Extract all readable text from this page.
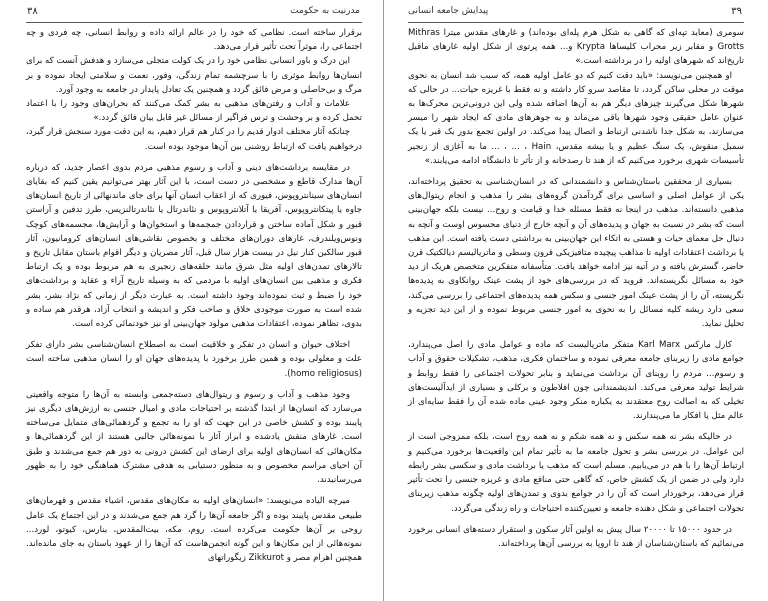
۳۸	مدرنیت به حکومت

برقرار ساخته است. نظامی که خود را در عالم ارائه داده و روابط انسانی، چه فردی و چه اجتماعی را، موثراً تحت تأثیر قرار می‌دهد.

این درک و باور انسانی نظامی خود را در یک کولت متجلی می‌سازد و هدفش آنست که برای انسان‌ها روابط موثری را با سرچشمه تمام زندگی، وفور، نعمت و سلامتی ایجاد نموده و بر مرگ و بی‌حاصلی و مرض فائق گردد و همچنین یک تعادل پایدار در جامعه به وجود آورد.

علامات و آداب و رفتن‌های مذهبی به بشر کمک می‌کنند که بحران‌های وجود را با اعتماد تحمل کرده و بر وحشت و ترس فراگیر از مسائل غیر قابل بیان فائق گردد.»

چنانکه آثار مختلف ادوار قدیم را در کنار هم قرار دهیم، به این دقت مورد سنجش قرار گیرد، درخواهیم یافت که ارتباط روشنی بین آن‌ها موجود بوده است.

در مقایسه برداشت‌های دینی و آداب و رسوم مذهبی مردم بدوی اعصار جدید، که درباره آن‌ها مدارک قاطع و مشخصی در دست است، با این آثار بهتر می‌توانیم یقین کنیم که بقایای انسان‌های سینانتروپوس، فیوری که از اعقاب انسان آنها برای جای ماندنهائی از تاریخ انسان‌های جاوه یا پیتکانتروپوس، آفریقا یا آتلانتروپوس و نئاندرتال یا نئاندرتالنزیس، طرز تدفین و آراستن قبور و شکل آماده ساختن و قراردادن جمجمه‌ها و استخوان‌ها و آرایش‌ها، مجسمه‌های کوچک ونوس‌ویلندرف، غارهای دوران‌های مختلف و بخصوص نقاشی‌های انسان‌های کرومانیون، آثار قبور سالکین کنار نیل در بیست هزار سال قبل، آثار مصریان و دیگر اقوام باستان مقابل تاریخ و تالارهای تمدن‌های اولیه مثل شرق مانند حلقه‌های زنجیری به هم مربوط بوده و یک ارتباط فکری و مذهبی بین انسان‌های اولیه با مردمی که به وسیله تاریخ آراء و عقاید و برداشت‌های خود را ضبط و ثبت نموده‌اند وجود داشته است. به عبارت دیگر از زمانی که نژاد بشر، بشر شده است به صورت موجودی خلاق و صاحب فکر و اندیشه و انتخاب آزاد، هرقدر هم ساده و بدوی، تظاهر نموده، اعتقادات مذهبی مولود جهان‌بینی او نیز خودنمائی کرده است.

اختلاف حیوان و انسان در تفکر و خلاقیت است به اصطلاح انسان‌شناسی بشر دارای تفکر علت و معلولی بوده و همین طرز برخورد با پدیده‌های جهان او را انسان مذهبی ساخته است (homo religiosus).

وجود مذهب و آداب و رسوم و ریتوال‌های دسته‌جمعی وابسته به آن‌ها را متوجه واقعیتی می‌سازد که انسان‌ها از ابتدا گذشته بر احتیاجات مادی و امیال جنسی به ارزش‌های دیگری نیز پایبند بوده و کشش خاصی در این جهت که او را به تجمع و گردهمائی‌های متمایل می‌ساخته است. غارهای منقش یادشده و ابراز آثار با نمونه‌هائی جالبی هستند از این گردهمائی‌ها و مکان‌هائی که انسان‌های اولیه برای ارضای این کشش درونی به دور هم جمع می‌شدند و طبق آن احیای مراسم مخصوص و به منظور دستیابی به هدفی مشترک هماهنگی خود را به ظهور می‌رسانیدند.

میرچه الیاده می‌نویسد: «انسان‌های اولیه به مکان‌های مقدس، اشیاء مقدس و قهرمان‌های طبیعی مقدس پایبند بوده و اگر جامعه آن‌ها را گرد هم جمع می‌شدند و در این اجتماع یک عامل روحی بر آن‌ها حکومت می‌کرده است. روم، مکه، بیت‌المقدس، بنارس، کیوتو، لورد... نمونه‌هائی از این مکان‌ها و این گونه انجمن‌هاست که آن‌ها را از عهود باستان به جای مانده‌اند. همچنین اهرام مصر و Zikkurot زیگوراتهای

پیدایش جامعه انسانی	۳۹

سومری (معابد تپه‌ای که گاهی به شکل هرم پله‌ای بوده‌اند) و غارهای مقدس میترا Mithras Grotts و مقابر زیر محراب کلیساها Krypta و... همه پرتوی از شکل اولیه غارهای ماقبل تاریخ‌اند که شهرهای اولیه را در برداشته است.»

او همچنین می‌نویسد: «باید دقت کنیم که دو عامل اولیه همه، که سبب شد انسان به نحوی موقت در محلی ساکن گردد، تا مقاصد سرو کار داشته و نه فقط با غریزه حیات... در حالی که شهرها شکل می‌گیرند چیزهای دیگر هم به آن‌ها اضافه شده ولی این درونی‌ترین محرک‌ها به عنوان عامل حقیقی وجود شهرها باقی می‌ماند و به جوهرهای مادی که ایجاد شهر را میسر می‌سازند، به شکل جدا ناشدنی ارتباط و اتصال پیدا می‌کند. در اولین تجمع بدور یک قبر یا یک سمبل منقوش، یک سنگ عظیم و یا بیشه مقدس، Hain ، ... ، ... ما به آغازی از زنجیر تأسیسات شهری برخورد می‌کنیم که از هند تا رصدخانه و از تأثر تا دانشگاه ادامه می‌یابند.»

بسیاری از محققین باستان‌شناس و دانشمندانی که در انسان‌شناسی به تحقیق پرداخته‌اند، یکی از عوامل اصلی و اساسی برای گردآمدن گروه‌های بشر را مذهب و انجام ریتوال‌های مذهبی دانسته‌اند. مذهب در اینجا نه فقط مسئله خدا و قیامت و روح... نیست بلکه جهان‌بینی است که بشر در نسبت به جهان و پدیده‌های آن و آنچه خارج از دنیای محسوس اوست و آنچه به دنبال حل معمای حیات و هستی به اتکاء این جهان‌بینی به برداشتی دست یافته است. این مذهب یا برداشت اعتقادات اولیه تا مذاهب پیچیده متافیزیکی قرون وسطی و ماتریالیسم دیالکتیک قرن حاضر، گسترش یافته و در آتیه نیز ادامه خواهد یافت. متأسفانه متفکرین متخصص هریک از دید خود به مسائل نگریسته‌اند. فروید که در بررسی‌های خود از پشت عینک روانکاوی به پدیده‌ها نگریسته، آن را از پشت عینک امور جنسی و سکس همه پدیده‌های اجتماعی را بررسی می‌کند، سعی دارد ریشه کلیه مسائل را به نحوی به امور جنسی مربوط نموده و از این دید تجزیه و تحلیل نماید.

کارل مارکس Karl Marx متفکر ماتریالیست که ماده و عوامل مادی را اصل می‌پندارد، جوامع مادی را زیربنای جامعه معرفی نموده و ساختمان فکری، مذهب، تشکیلات حقوق و آداب و رسوم... مردم را روبنای آن برداشت می‌نماید و بنابر تحولات اجتماعی را فقط روابط و شرایط تولید معرفی می‌کند. اندیشمندانی چون افلاطون و برکلی و بسیاری از ایدآلیست‌های تخیلی که به اصالت روح معتقدند به یکباره منکر وجود عینی ماده شده آن را فقط سایه‌ای از عالم مثل یا افکار ما می‌پندارند.

در حالیکه بشر نه همه سکس و نه همه شکم و نه همه روح است، بلکه ممزوجی است از این عوامل. در بررسی بشر و تحول جامعه ما به تأثیر تمام این واقعیت‌ها برخورد می‌کنیم و ارتباط آن‌ها را با هم در می‌یابیم. مسلم است که مذهب یا برداشت مادی و سکسی بشر رابطه دارد ولی در ضمن از یک کشش خاص، که گاهی حتی منافع مادی و غریزه جنسی را تحت تأثیر قرار می‌دهد، برخوردار است که آن را در جوامع بدوی و تمدن‌های اولیه چگونه مذهب زیربنای تحولات اجتماعی و شکل دهنده جامعه و تعیین‌کننده احتیاجات و راه زندگی می‌گردد.

در حدود ۱۵۰۰۰ تا ۲۰۰۰۰ سال پیش به اولین آثار سکون و استقرار دسته‌های انسانی برخورد می‌نمائیم که باستان‌شناسان از هند تا اروپا به بررسی آن‌ها پرداخته‌اند.
